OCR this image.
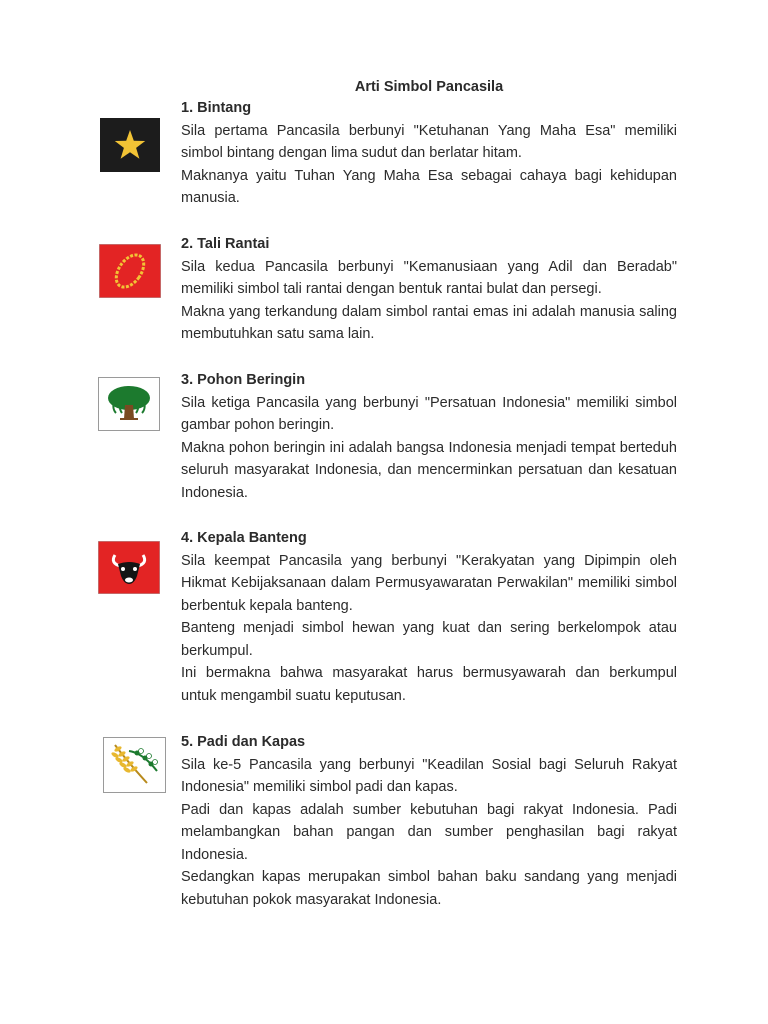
Arti Simbol Pancasila

1. Bintang

Sila pertama Pancasila berbunyi "Ketuhanan Yang Maha Esa" memiliki simbol bintang dengan lima sudut dan berlatar hitam.

Maknanya yaitu Tuhan Yang Maha Esa sebagai cahaya bagi kehidupan manusia.

2. Tali Rantai

Sila kedua Pancasila berbunyi "Kemanusiaan yang Adil dan Beradab" memiliki simbol tali rantai dengan bentuk rantai bulat dan persegi.

Makna yang terkandung dalam simbol rantai emas ini adalah manusia saling membutuhkan satu sama lain.

3. Pohon Beringin

Sila ketiga Pancasila yang berbunyi "Persatuan Indonesia" memiliki simbol gambar pohon beringin.

Makna pohon beringin ini adalah bangsa Indonesia menjadi tempat berteduh seluruh masyarakat Indonesia, dan mencerminkan persatuan dan kesatuan Indonesia.

4. Kepala Banteng

Sila keempat Pancasila yang berbunyi "Kerakyatan yang Dipimpin oleh Hikmat Kebijaksanaan dalam Permusyawaratan Perwakilan" memiliki simbol berbentuk kepala banteng.

Banteng menjadi simbol hewan yang kuat dan sering berkelompok atau berkumpul.

Ini bermakna bahwa masyarakat harus bermusyawarah dan berkumpul untuk mengambil suatu keputusan.

5. Padi dan Kapas

Sila ke-5 Pancasila yang berbunyi "Keadilan Sosial bagi Seluruh Rakyat Indonesia" memiliki simbol padi dan kapas.

Padi dan kapas adalah sumber kebutuhan bagi rakyat Indonesia. Padi melambangkan bahan pangan dan sumber penghasilan bagi rakyat Indonesia.

Sedangkan kapas merupakan simbol bahan baku sandang yang menjadi kebutuhan pokok masyarakat Indonesia.
